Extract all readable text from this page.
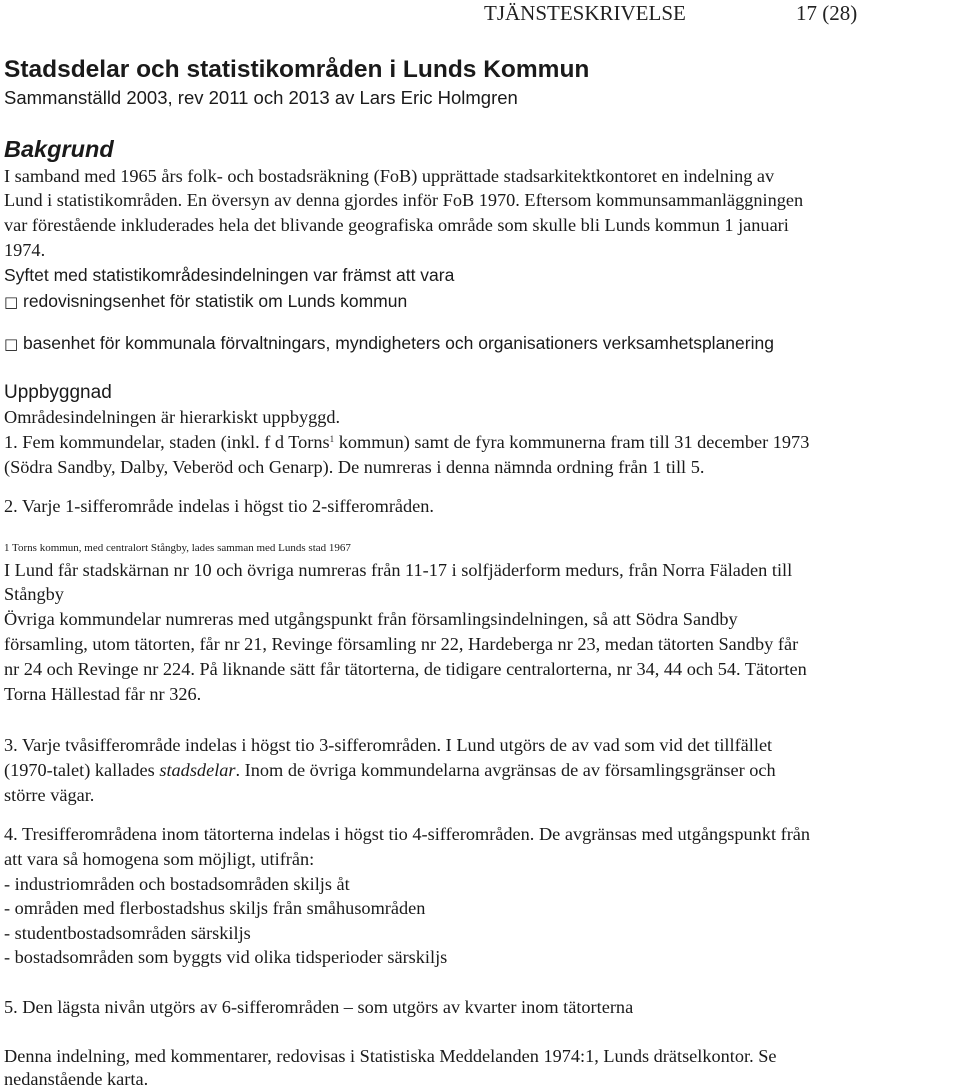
TJÄNSTESKRIVELSE	17 (28)
Stadsdelar och statistikområden i Lunds Kommun
Sammanställd 2003, rev 2011 och 2013 av Lars Eric Holmgren
Bakgrund
I samband med 1965 års folk- och bostadsräkning (FoB) upprättade stadsarkitektkontoret en indelning av
Lund i statistikområden. En översyn av denna gjordes inför FoB 1970. Eftersom kommunsammanläggningen
var förestående inkluderades hela det blivande geografiska område som skulle bli Lunds kommun 1 januari
1974.
Syftet med statistikområdesindelningen var främst att vara
□ redovisningsenhet för statistik om Lunds kommun
□ basenhet för kommunala förvaltningars, myndigheters och organisationers verksamhetsplanering
Uppbyggnad
Områdesindelningen är hierarkiskt uppbyggd.
1. Fem kommundelar, staden (inkl. f d Torns$^1$ kommun) samt de fyra kommunerna fram till 31 december 1973
(Södra Sandby, Dalby, Veberöd och Genarp). De numreras i denna nämnda ordning från 1 till 5.
2. Varje 1-sifferområde indelas i högst tio 2-sifferområden.
1 Torns kommun, med centralort Stångby, lades samman med Lunds stad 1967
I Lund får stadskärnan nr 10 och övriga numreras från 11-17 i solfjäderform medurs, från Norra Fäladen till
Stångby
Övriga kommundelar numreras med utgångspunkt från församlingsindelningen, så att Södra Sandby
församling, utom tätorten, får nr 21, Revinge församling nr 22, Hardeberga nr 23, medan tätorten Sandby får
nr 24 och Revinge nr 224. På liknande sätt får tätorterna, de tidigare centralorterna, nr 34, 44 och 54. Tätorten
Torna Hällestad får nr 326.
3. Varje tvåsifferområde indelas i högst tio 3-sifferområden. I Lund utgörs de av vad som vid det tillfället
(1970-talet) kallades stadsdelar. Inom de övriga kommundelarna avgränsas de av församlingsgränser och
större vägar.
4. Tresifferområdena inom tätorterna indelas i högst tio 4-sifferområden. De avgränsas med utgångspunkt från
att vara så homogena som möjligt, utifrån:
- industriområden och bostadsområden skiljs åt
- områden med flerbostadshus skiljs från småhusområden
- studentbostadsområden särskiljs
- bostadsområden som byggts vid olika tidsperioder särskiljs
5. Den lägsta nivån utgörs av 6-sifferområden – som utgörs av kvarter inom tätorterna
Denna indelning, med kommentarer, redovisas i Statistiska Meddelanden 1974:1, Lunds drätselkontor. Se
nedanstående karta.
